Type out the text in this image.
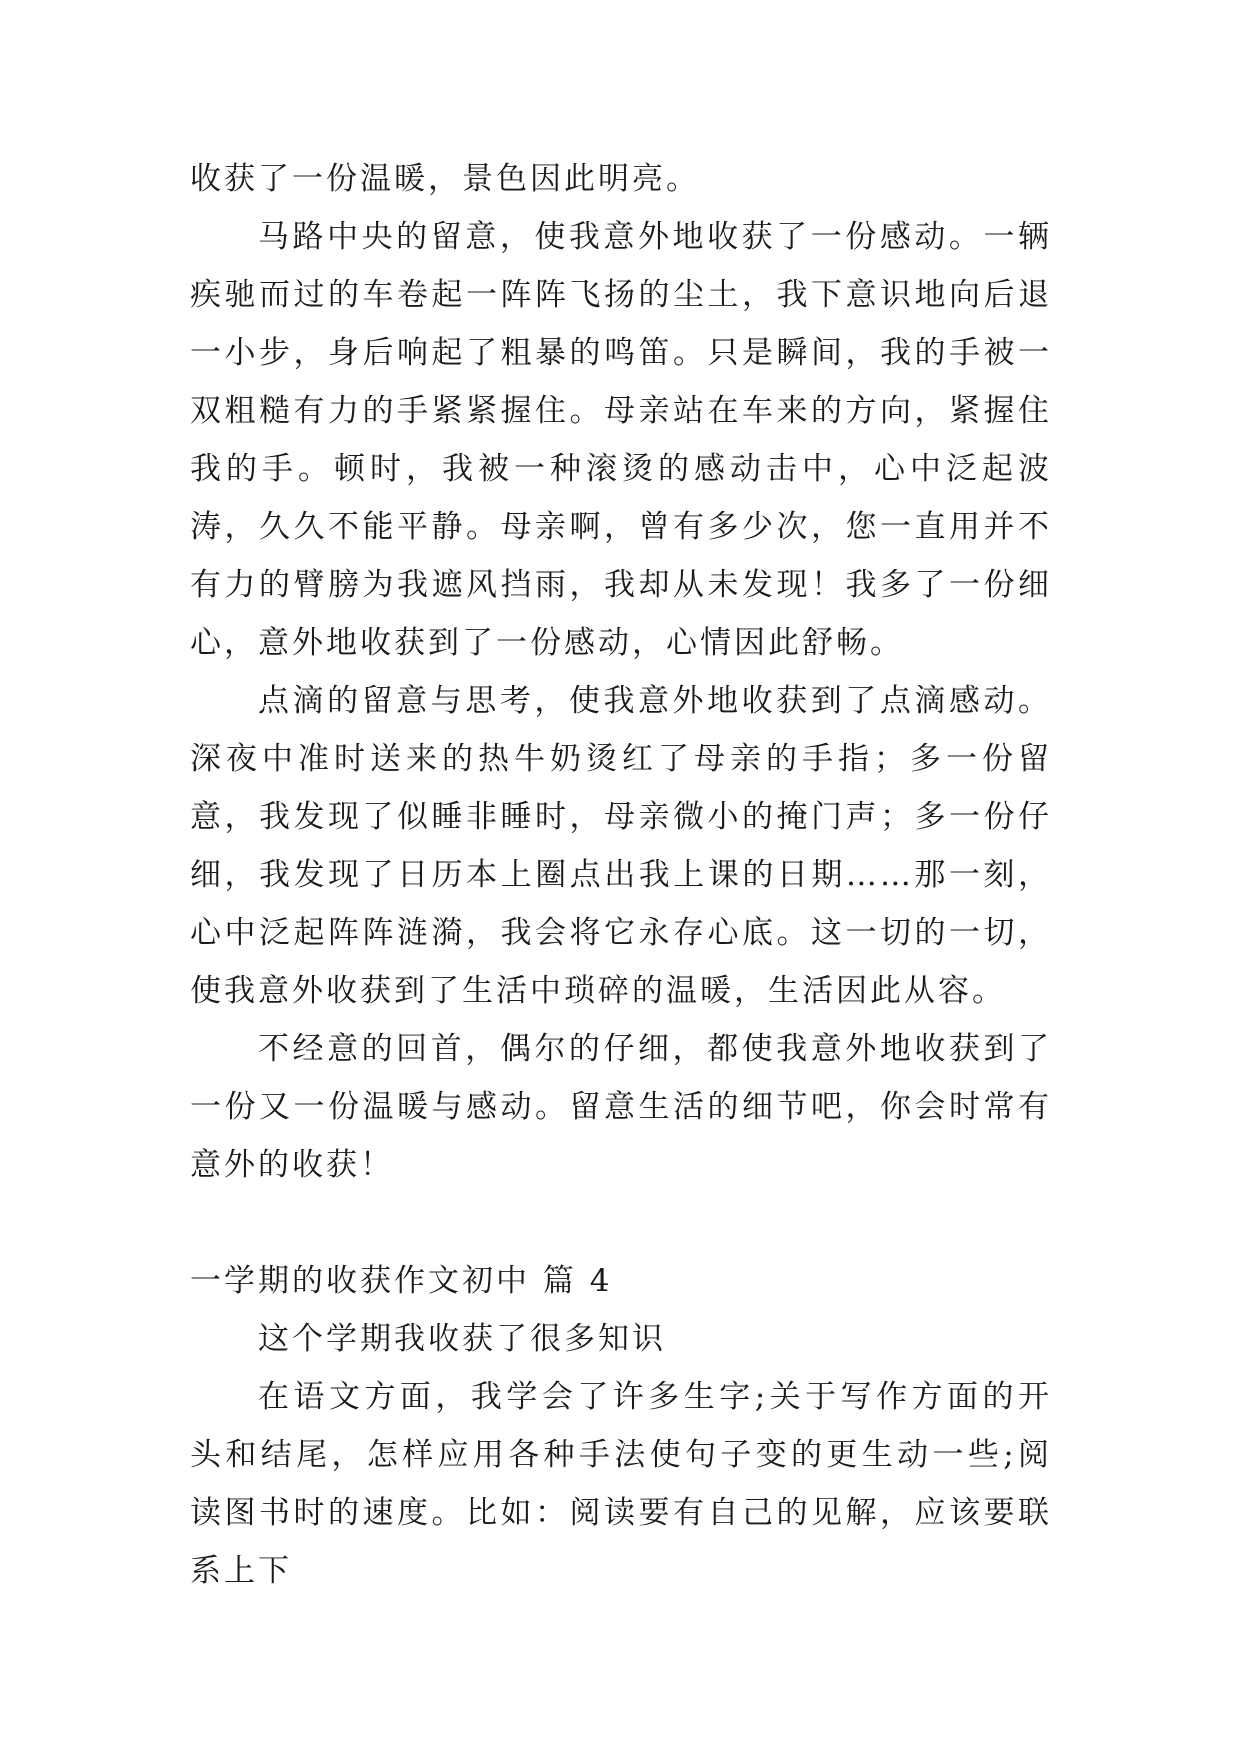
收获了一份温暖，景色因此明亮。

马路中央的留意，使我意外地收获了一份感动。一辆疾驰而过的车卷起一阵阵飞扬的尘土，我下意识地向后退一小步，身后响起了粗暴的鸣笛。只是瞬间，我的手被一双粗糙有力的手紧紧握住。母亲站在车来的方向，紧握住我的手。顿时，我被一种滚烫的感动击中，心中泛起波涛，久久不能平静。母亲啊，曾有多少次，您一直用并不有力的臂膀为我遮风挡雨，我却从未发现！我多了一份细心，意外地收获到了一份感动，心情因此舒畅。

点滴的留意与思考，使我意外地收获到了点滴感动。深夜中准时送来的热牛奶烫红了母亲的手指；多一份留意，我发现了似睡非睡时，母亲微小的掩门声；多一份仔细，我发现了日历本上圈点出我上课的日期……那一刻，心中泛起阵阵涟漪，我会将它永存心底。这一切的一切，使我意外收获到了生活中琐碎的温暖，生活因此从容。

不经意的回首，偶尔的仔细，都使我意外地收获到了一份又一份温暖与感动。留意生活的细节吧，你会时常有意外的收获！

一学期的收获作文初中 篇 4

这个学期我收获了很多知识

在语文方面，我学会了许多生字;关于写作方面的开头和结尾，怎样应用各种手法使句子变的更生动一些;阅读图书时的速度。比如：阅读要有自己的见解，应该要联系上下
